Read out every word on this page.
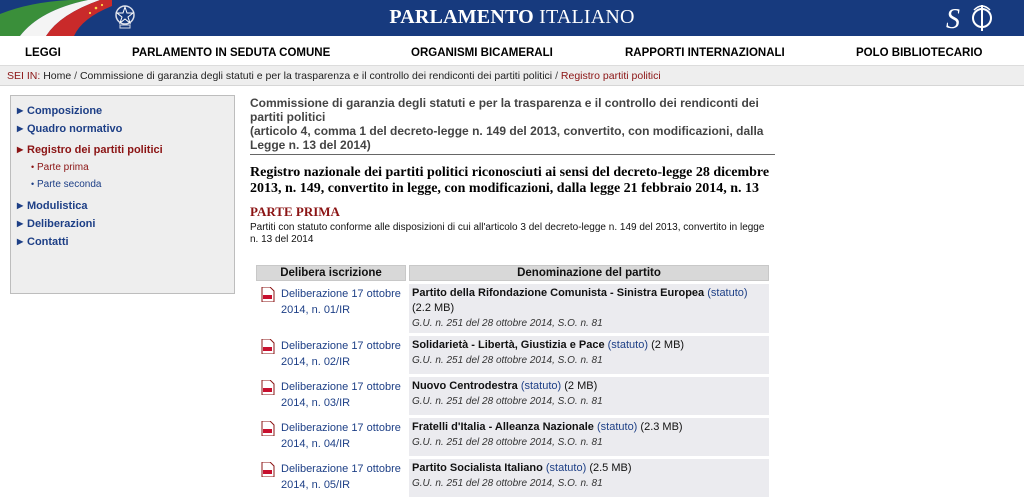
PARLAMENTO ITALIANO	S
LEGGI	PARLAMENTO IN SEDUTA COMUNE	ORGANISMI BICAMERALI	RAPPORTI INTERNAZIONALI	POLO BIBLIOTECARIO
SEI IN: Home / Commissione di garanzia degli statuti e per la trasparenza e il controllo dei rendiconti dei partiti politici / Registro partiti politici
▶ Composizione
▶ Quadro normativo
▶ Registro dei partiti politici
• Parte prima
• Parte seconda
▶ Modulistica
▶ Deliberazioni
▶ Contatti
Commissione di garanzia degli statuti e per la trasparenza e il controllo dei rendiconti dei partiti politici
(articolo 4, comma 1 del decreto-legge n. 149 del 2013, convertito, con modificazioni, dalla Legge n. 13 del 2014)
Registro nazionale dei partiti politici riconosciuti ai sensi del decreto-legge 28 dicembre 2013, n. 149, convertito in legge, con modificazioni, dalla legge 21 febbraio 2014, n. 13
PARTE PRIMA
Partiti con statuto conforme alle disposizioni di cui all'articolo 3 del decreto-legge n. 149 del 2013, convertito in legge n. 13 del 2014
Delibera iscrizione	Denominazione del partito

Deliberazione 17 ottobre 2014, n. 01/IR	Partito della Rifondazione Comunista - Sinistra Europea (statuto)
(2.2 MB)
G.U. n. 251 del 28 ottobre 2014, S.O. n. 81

Deliberazione 17 ottobre 2014, n. 02/IR	Solidarietà - Libertà, Giustizia e Pace (statuto) (2 MB)
G.U. n. 251 del 28 ottobre 2014, S.O. n. 81

Deliberazione 17 ottobre 2014, n. 03/IR	Nuovo Centrodestra (statuto) (2 MB)
G.U. n. 251 del 28 ottobre 2014, S.O. n. 81

Deliberazione 17 ottobre 2014, n. 04/IR	Fratelli d'Italia - Alleanza Nazionale (statuto) (2.3 MB)
G.U. n. 251 del 28 ottobre 2014, S.O. n. 81

Deliberazione 17 ottobre 2014, n. 05/IR	Partito Socialista Italiano (statuto) (2.5 MB)
G.U. n. 251 del 28 ottobre 2014, S.O. n. 81
